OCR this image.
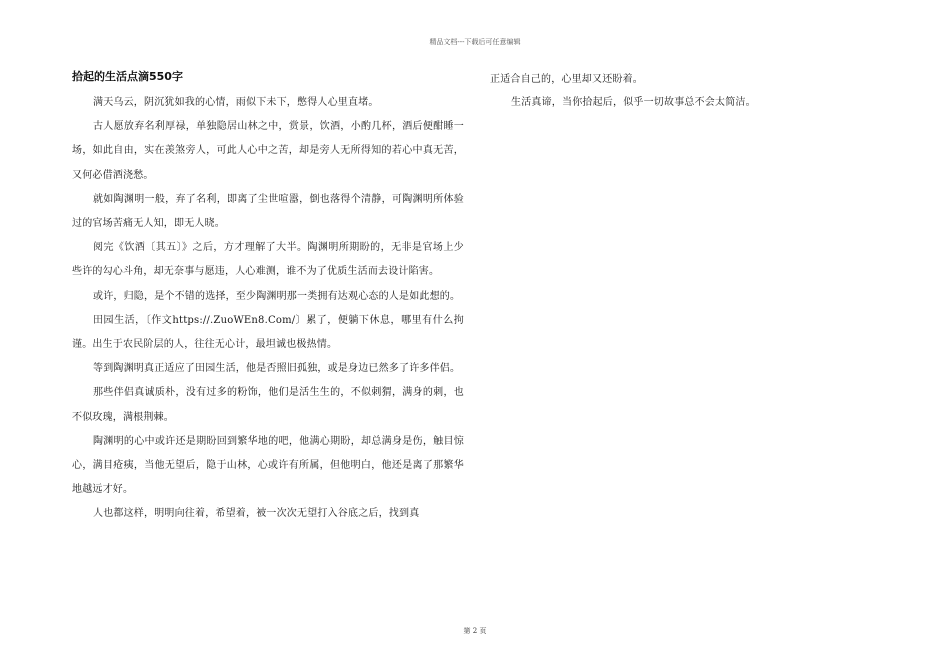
精品文档---下载后可任意编辑
拾起的生活点滴550字

满天乌云，阴沉犹如我的心情，雨似下未下，憋得人心里直堵。

古人愿放弃名利厚禄，单独隐居山林之中，赏景，饮酒，小酌几杯，酒后便酣睡一场，如此自由，实在羡煞旁人，可此人心中之苦，却是旁人无所得知的若心中真无苦，又何必借酒浇愁。

就如陶渊明一般，弃了名利，即离了尘世喧嚣，倒也落得个清静，可陶渊明所体验过的官场苦痛无人知，即无人晓。

阅完《饮酒〔其五〕》之后，方才理解了大半。陶渊明所期盼的，无非是官场上少些许的勾心斗角，却无奈事与愿违，人心难测，谁不为了优质生活而去设计陷害。

或许，归隐，是个不错的选择，至少陶渊明那一类拥有达观心态的人是如此想的。

田园生活，〔作文https://.ZuoWEn8.Com/〕累了，便躺下休息，哪里有什么拘谨。出生于农民阶层的人，往往无心计，最坦诚也极热情。

等到陶渊明真正适应了田园生活，他是否照旧孤独，或是身边已然多了许多伴侣。

那些伴侣真诚质朴，没有过多的粉饰，他们是活生生的，不似刺猬，满身的刺，也不似玫瑰，满根荆棘。

陶渊明的心中或许还是期盼回到繁华地的吧，他满心期盼，却总满身是伤，触目惊心，满目疮痍，当他无望后，隐于山林，心或许有所属，但他明白，他还是离了那繁华地越远才好。

人也都这样，明明向往着，希望着，被一次次无望打入谷底之后，找到真

正适合自己的，心里却又还盼着。

生活真谛，当你拾起后，似乎一切故事总不会太简洁。

第 2 页
